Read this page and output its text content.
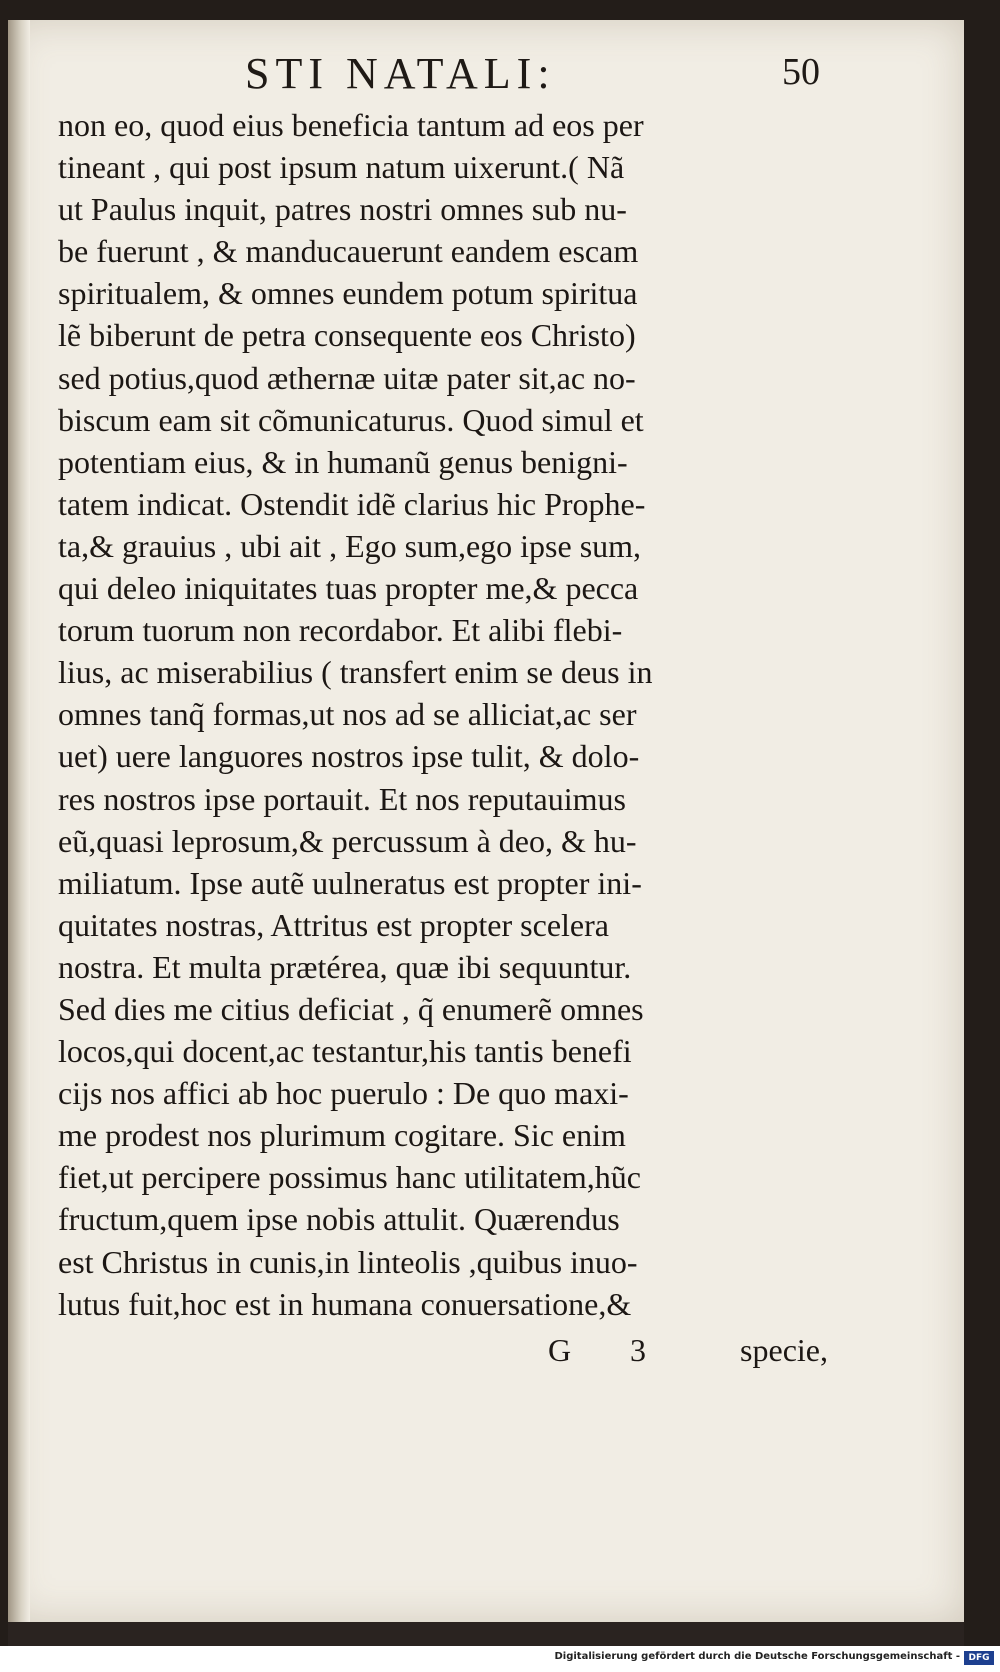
STI NATALI:	50
non eo, quod eius beneficia tantum ad eos per
tineant , qui post ipsum natum uixerunt.( Nã
ut Paulus inquit, patres nostri omnes sub nu-
be fuerunt , & manducauerunt eandem escam
spiritualem, & omnes eundem potum spiritua
lẽ biberunt de petra consequente eos Christo)
sed potius,quod æthernæ uitæ pater sit,ac no-
biscum eam sit cõmunicaturus. Quod simul et
potentiam eius, & in humanũ genus benigni-
tatem indicat. Ostendit idẽ clarius hic Prophe-
ta,& grauius , ubi ait , Ego sum,ego ipse sum,
qui deleo iniquitates tuas propter me,& pecca
torum tuorum non recordabor. Et alibi flebi-
lius, ac miserabilius ( transfert enim se deus in
omnes tanq̃ formas,ut nos ad se alliciat,ac ser
uet) uere languores nostros ipse tulit, & dolo-
res nostros ipse portauit. Et nos reputauimus
eũ,quasi leprosum,& percussum à deo, & hu-
miliatum. Ipse autẽ uulneratus est propter ini-
quitates nostras, Attritus est propter scelera
nostra. Et multa prætérea, quæ ibi sequuntur.
Sed dies me citius deficiat , q̃ enumerẽ omnes
locos,qui docent,ac testantur,his tantis benefi
cijs nos affici ab hoc puerulo : De quo maxi-
me prodest nos plurimum cogitare. Sic enim
fiet,ut percipere possimus hanc utilitatem,hũc
fructum,quem ipse nobis attulit. Quærendus
est Christus in cunis,in linteolis ,quibus inuo-
lutus fuit,hoc est in humana conuersatione,&
G 3	specie,
Digitalisierung gefördert durch die Deutsche Forschungsgemeinschaft - DFG
